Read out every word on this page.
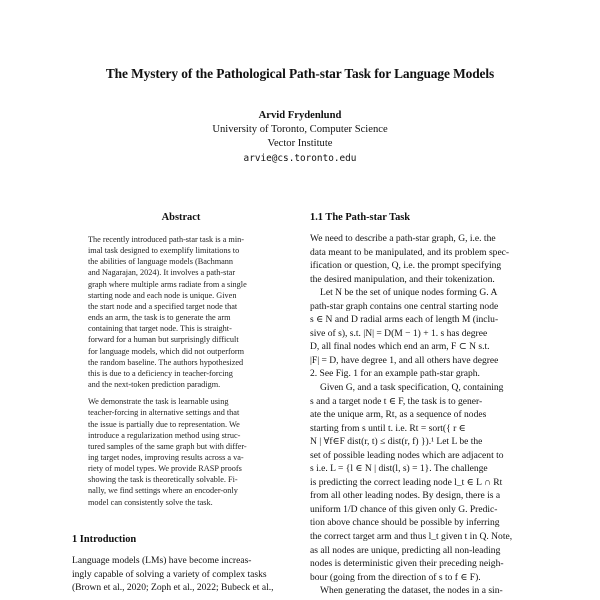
The Mystery of the Pathological Path-star Task for Language Models
Arvid Frydenlund
University of Toronto, Computer Science
Vector Institute
arvie@cs.toronto.edu
Abstract

The recently introduced path-star task is a min-
imal task designed to exemplify limitations to
the abilities of language models (Bachmann
and Nagarajan, 2024). It involves a path-star
graph where multiple arms radiate from a single
starting node and each node is unique. Given
the start node and a specified target node that
ends an arm, the task is to generate the arm
containing that target node. This is straight-
forward for a human but surprisingly difficult
for language models, which did not outperform
the random baseline. The authors hypothesized
this is due to a deficiency in teacher-forcing
and the next-token prediction paradigm.

We demonstrate the task is learnable using
teacher-forcing in alternative settings and that
the issue is partially due to representation. We
introduce a regularization method using struc-
tured samples of the same graph but with differ-
ing target nodes, improving results across a va-
riety of model types. We provide RASP proofs
showing the task is theoretically solvable. Fi-
nally, we find settings where an encoder-only
model can consistently solve the task.

1 Introduction
Language models (LMs) have become increas-
ingly capable of solving a variety of complex tasks
(Brown et al., 2020; Zoph et al., 2022; Bubeck et al.,
1.1 The Path-star Task
We need to describe a path-star graph, G, i.e. the
data meant to be manipulated, and its problem spec-
ification or question, Q, i.e. the prompt specifying
the desired manipulation, and their tokenization.
Let N be the set of unique nodes forming G. A
path-star graph contains one central starting node
s ∈ N and D radial arms each of length M (inclu-
sive of s), s.t. |N| = D(M − 1) + 1. s has degree
D, all final nodes which end an arm, F ⊂ N s.t.
|F| = D, have degree 1, and all others have degree
2. See Fig. 1 for an example path-star graph.
Given G, and a task specification, Q, containing
s and a target node t ∈ F, the task is to gener-
ate the unique arm, Rt, as a sequence of nodes
starting from s until t. i.e. Rt = sort({ r ∈
N | ∀f∈F dist(r, t) ≤ dist(r, f) }).¹ Let L be the
set of possible leading nodes which are adjacent to
s i.e. L = {l ∈ N | dist(l, s) = 1}. The challenge
is predicting the correct leading node l_t ∈ L ∩ Rt
from all other leading nodes. By design, there is a
uniform 1/D chance of this given only G. Predic-
tion above chance should be possible by inferring
the correct target arm and thus l_t given t in Q. Note,
as all nodes are unique, predicting all non-leading
nodes is deterministic given their preceding neigh-
bour (going from the direction of s to f ∈ F).
When generating the dataset, the nodes in a sin-
